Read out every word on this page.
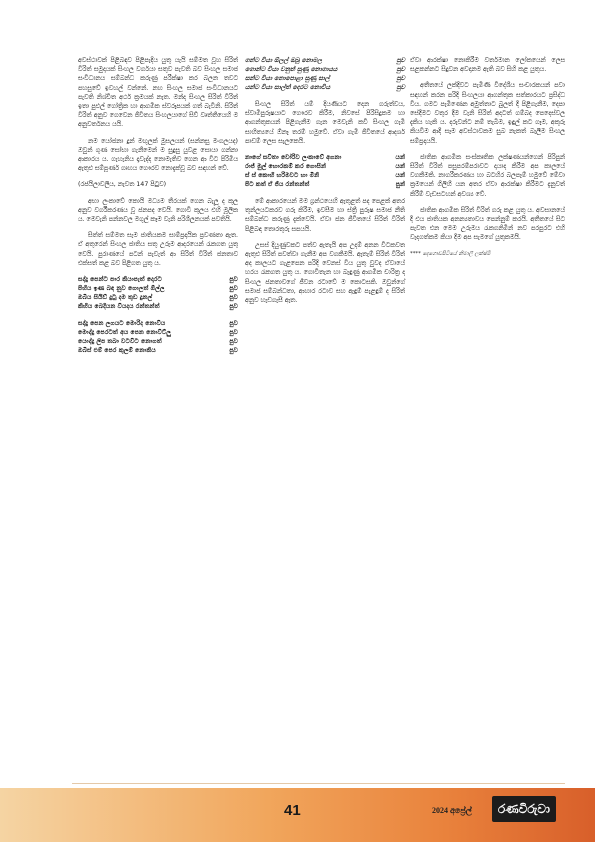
අවස්ථාවක් පිළිබඳව පිළිපැදිය යුතු යැයි සම්මත වූහ සිරිත් විරිත් සමුදායක් සිංහල වර්ගයා සතුව පැවති බව සිංහල සමාජ සංවිධානය සම්බන්ධ කරුණු පරීක්ෂා කර බලන තවට පහසුවේ ඉවහල් වන්නේ. නහ සිංහල සමාජ සංවිධානයට පැවති නිශ්චිත අර්ථ ක්‍රමයක් නැත. මන්ද සිංහල සිරිත් විරිත් ඉතා පුළුල් ගෝත්‍රික හා ආගමික ස්වරූපයක් ගත් බැවිනි. සිරිත් විරිත් අනුව ගෙවෙන ජීවිතය සිංහලයාගේ සිව් වෘත්තීයෙහි ම අනුවර්තනය යයි.

නම යෝජනා දුන් මඟුලක් මුසලයන් (සන්නසු මංගලයද) ඔවුන් ගුණ සෝභා ගැනීමෙන් ම සුදුසු යුවළ සොයා ගන්නා ආකාරය ය. ගැහැනිය දෑවැද්ද නොමැතිව ගෙන ආ විට පිරිමිය ඇතුළු සම්පූර්ණ ගෘහය ගෞරව නොදැක්වූ බව සඳහන් වේ.

(රජයිලාවලිය, නැවත 147 පිටුව)

අභා ලංකාවේ කොයි මධ්‍යම තීරයක් ගෙන බැලූ ද කුල අනුව වර්ගීකරණය වූ ජනපද වෙයි. ගොවි කුලය එහි මූලික ය. මෙවැනි පන්නවල මගුල් කෑම වැනි පරිශීලනයක් පවතියි.

සිත්ත් සම්මත සැම ජාතියකම සාම්ප්‍රදායික ප්‍රවණතා ඇත. ඒ අතුරෙන් සිංහල ජාතිය සතු උරුම ආදරයෙන් රැකගත යුතු වෙයි. පුරාණයේ පටන් පැවැත් ආ සිරිත් විරිත් ජනතාව එක්සත් කළ බව පිළිගත යුතු ය.

සද්දු පෙන්ට පාර කියාපැත් දොරට	පුව
පිහිය ඉණ බඳ නුව ගොලත් ඕල්ල	පුව
ඔබිය සියිඩ් දුටු දම තුඩ දුනල්	පුව
කිහිය බෙදියන වියදය රන්තන්ත්	පුව
සද්දු පෙන ලගයට මොරිද නොවිය	පුව
මොද්දු පෙරටත් අය පෙන නොවිට්ලු	පුව
යොද්දු ලිප තබා වටවිට නොගත්	පුව
ඔබිස් එම් පෙර කුලම් නොකිය	පුව
ගන්ට වියා ඕලල් ඔබු නොමල	පුව
ගොන්ට වියා වනුත් සුණු නොගායය	පුව
සන්ට වියා නොපොළා සුණු සාල්	පුව
යන්ට වියා සාල්ත් දෙරට නොවිය	පුව

සිංහල සිරිත් යම් දියණියට දෙන ගරුත්වය, ස්වාමිපුරුෂයාට ගෞරව කිරීම, නිවසේ පිරිසිදුකම හා ආගන්තුකයන් පිළිගැනීම ගැන මෙවැනි කවි සිංහල ගැමි සාහිත්‍යයේ ඕනෑ තරම් හමුවේ. ඒවා ගැමි ජීවිතයේ ආදර්ශ පාඩම් ලෙස සැලකෙයි.

නාගේ සවිතා වෝරිව ලංකාවේ අගනා	යන්
රාජ් මුල් හොරකම් කර ගොසින්	යන්
ස් ස් කොහි හරිමවට හා මිනි	යන්
පිට කත් ඒ ජිය රන්තන්ත්	පුන්

මේ ආකාරයෙන් මම ග්‍රන්ථයෙහි ඇතුළත් පද පෙළක් අතර තුන්ලයටකරව ගරු කිරීම, ඉවසීම හා ස්ත්‍රී පුරුෂ සමාජ නීති සම්බන්ධ කරුණු දැක්වෙයි. ඒවා ජන ජීවිතයේ සිරිත් විරිත් පිළිබඳ තොරතුරු සපයයි.

උසස් දියුණුවකට පත්ව ඇතැයි අප උදම් අනන විටකවත ඇතුළු සිරිත් පවත්වා ගැනීම අප වගකීමයි. ඇතැම් සිරිත් විරිත් අද කාලයට ගැළපෙන පරිදි වෙනස් විය යුතු වුවද ඒවායේ හරය රැකගත යුතු ය. ගොවිතැන හා බැඳුණු ආගමික චාරිත්‍ර ද සිංහල ජනතාවගේ ජීවන රටාවේ ම කොටසකි. ඔවුන්ගේ සමාජ සම්බන්ධතා, ආහාර රටාව සහ ඇඳුම් පැළඳුම් ද සිරිත් අනුව හැඩගැසී ඇත.

ඒවා ආරක්ෂා නොකිරීම වර්තමාන ලෝකයෙන් ලෙස සළකන්නට සිදුවන අවදානම ඇති බව සිහි කළ යුතුය.

අතීතයේ ලක්දිවට පැමිණි විදේශීය සංචාරකයන් පවා සඳහන් කරන පරිදි සිංහලයා ආගන්තුක සත්කාරයට ප්‍රසිද්ධ විය. ගමට පැමිණෙන අමුත්තාට බුලත් දී පිළිගැනීම, දෙපා සේදීමට වතුර දීම වැනි සිරිත් අදටත් ගම්බද පෙදෙස්වල දැකිය හැකි ය. දරුවන්ට නම් තැබීම, ඉඳුල් කට ගෑම, අකුරු කියවීම ආදී සෑම අවස්ථාවකම සුබ නැකත් බැලීම සිංහල සම්ප්‍රදායයි.

ජාතික ආගමික සංස්කෘතික ලක්ෂණයන්ගෙන් පිරිපුන් සිරිත් විරිත් පසුපරම්පරාවට දායාද කිරීම අප කාලයේ වගකීමකි. නාගරීකරණය හා බටහිර බලපෑම් හමුවේ මේවා ක්‍රමයෙන් ගිලිහී යන අතර ඒවා ආරක්ෂා කිරීමට දැනුවත් කිරීම් වැඩසටහන් අවශ්‍ය වේ.

ජාතික ආගමික සිරිත් විරිත් ගරු කළ යුතු ය. අවසානයේ දී එය ජාතියක අනන්‍යතාවය පෙන්නුම් කරයි. අතීතයේ සිට පැවත එන මෙම උරුමය රැකගනිමින් නව පරපුරට එහි වැදගත්කම කියා දීම අප සැමගේ යුතුකමයි.

**** දෙගොඩපිටියේ නිමාලි ලක්ෂ්මී
41	2024 අප්‍රේල්	රණවිරුවා
